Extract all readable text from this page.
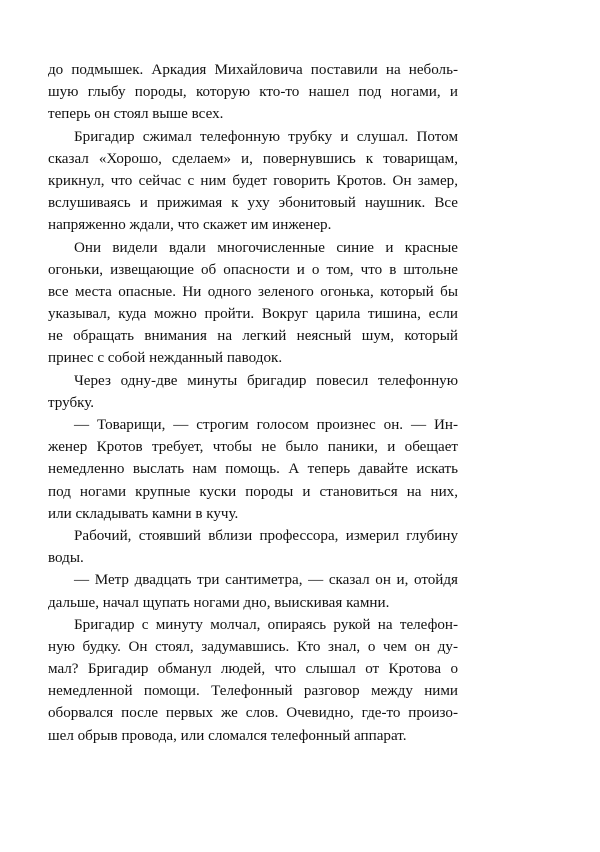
до подмышек. Аркадия Михайловича поставили на неболь-
шую глыбу породы, которую кто-то нашел под ногами, и
теперь он стоял выше всех.
Бригадир сжимал телефонную трубку и слушал. Потом
сказал «Хорошо, сделаем» и, повернувшись к товарищам,
крикнул, что сейчас с ним будет говорить Кротов. Он замер,
вслушиваясь и прижимая к уху эбонитовый наушник. Все
напряженно ждали, что скажет им инженер.
Они видели вдали многочисленные синие и красные
огоньки, извещающие об опасности и о том, что в штольне
все места опасные. Ни одного зеленого огонька, который бы
указывал, куда можно пройти. Вокруг царила тишина, если
не обращать внимания на легкий неясный шум, который
принес с собой нежданный паводок.
Через одну-две минуты бригадир повесил телефонную
трубку.
— Товарищи, — строгим голосом произнес он. — Ин-
женер Кротов требует, чтобы не было паники, и обещает
немедленно выслать нам помощь. А теперь давайте искать
под ногами крупные куски породы и становиться на них,
или складывать камни в кучу.
Рабочий, стоявший вблизи профессора, измерил глубину
воды.
— Метр двадцать три сантиметра, — сказал он и, отойдя
дальше, начал щупать ногами дно, выискивая камни.
Бригадир с минуту молчал, опираясь рукой на телефон-
ную будку. Он стоял, задумавшись. Кто знал, о чем он ду-
мал? Бригадир обманул людей, что слышал от Кротова о
немедленной помощи. Телефонный разговор между ними
оборвался после первых же слов. Очевидно, где-то произо-
шел обрыв провода, или сломался телефонный аппарат.
